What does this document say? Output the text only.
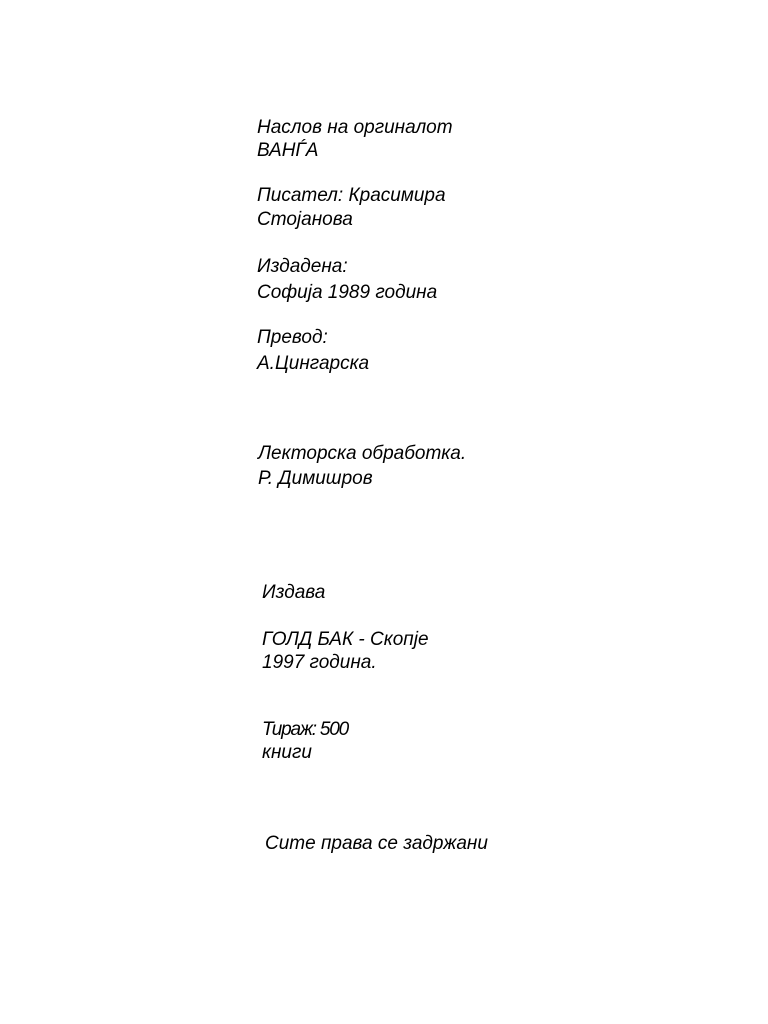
Наслов на оргиналот

ВАНЃА

Писател: Красимира

Стојанова

Издадена:

Софија 1989 година

Превод:

А.Цингарска

Лекторска обработка.

Р. Димишров

Издава

ГОЛД БАК - Скопје

1997 година.

Тираж: 500

книги

Сите права се задржани
